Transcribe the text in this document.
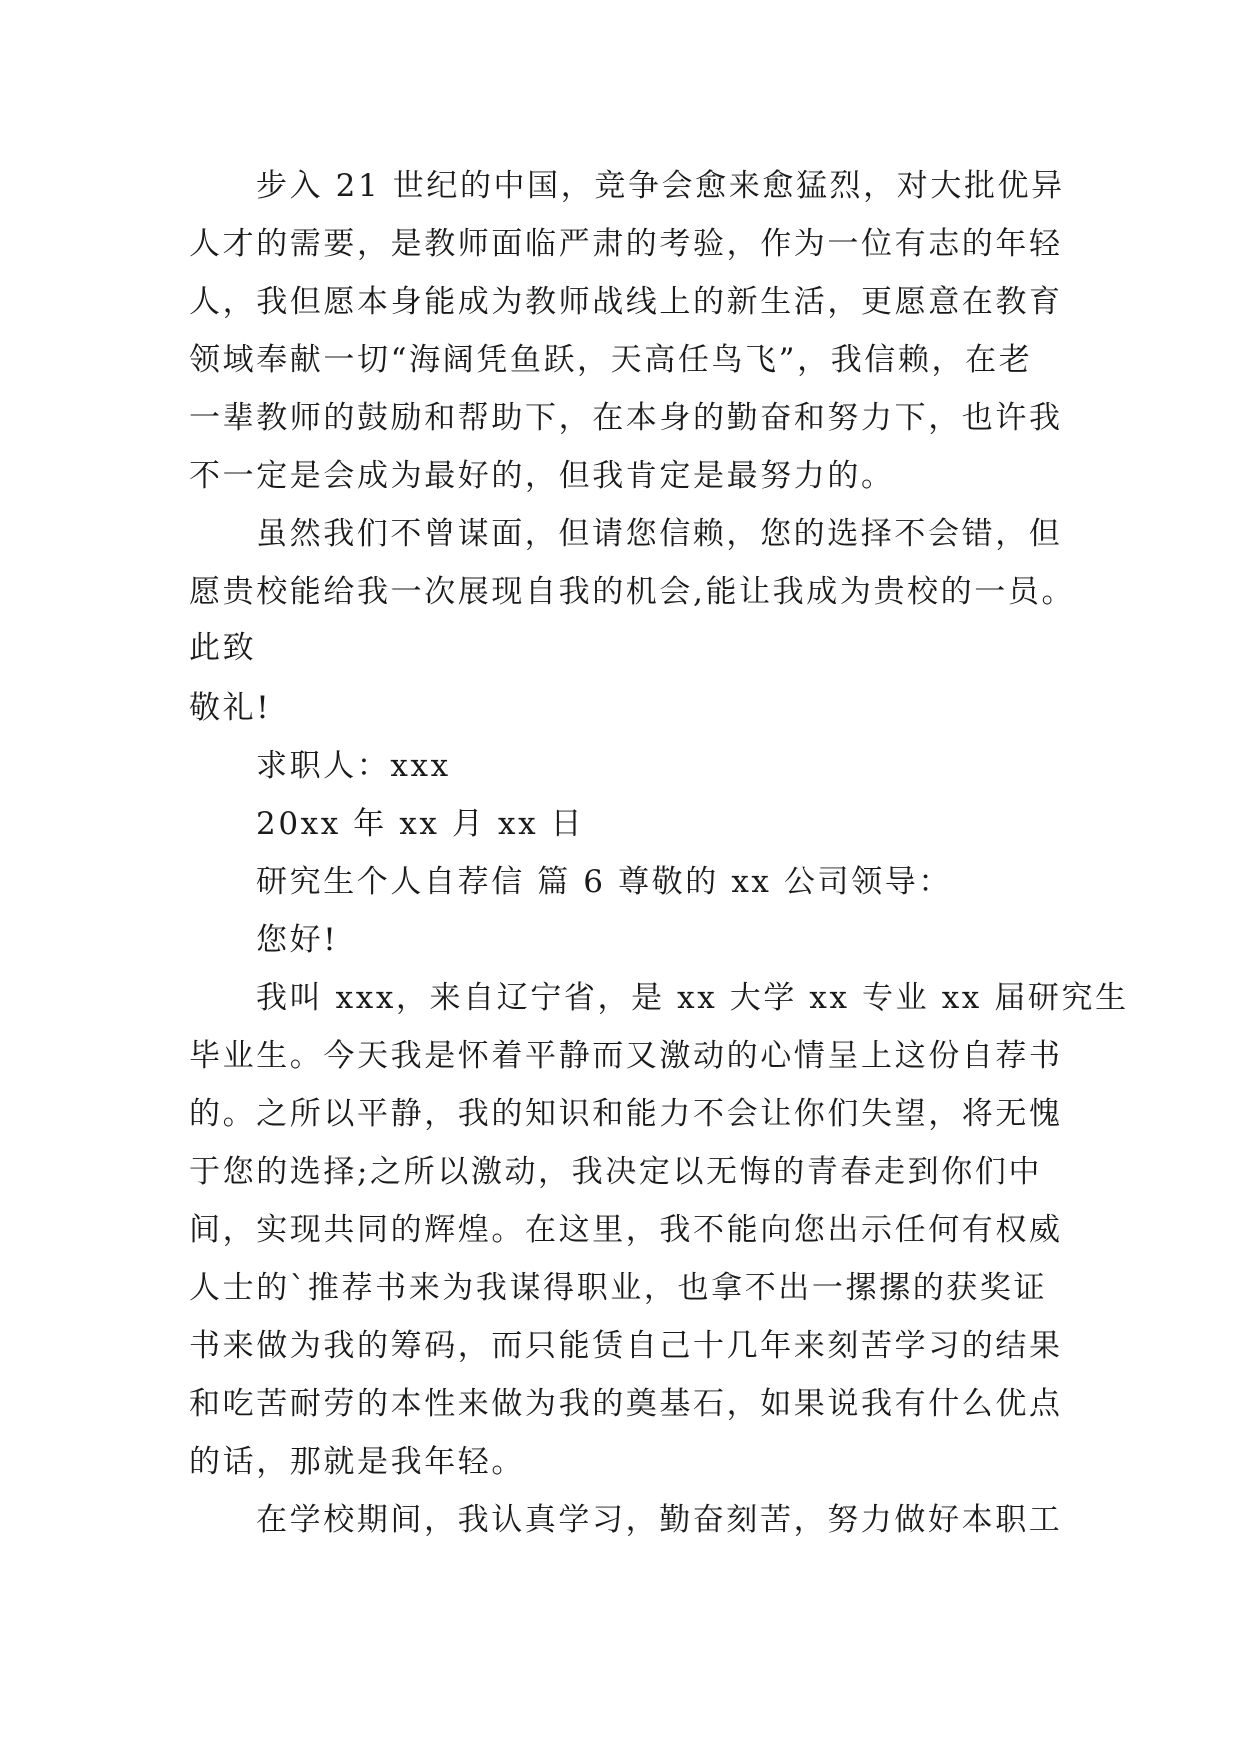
步入 21 世纪的中国，竞争会愈来愈猛烈，对大批优异
人才的需要，是教师面临严肃的考验，作为一位有志的年轻
人，我但愿本身能成为教师战线上的新生活，更愿意在教育
领域奉献一切“海阔凭鱼跃，天高任鸟飞”，我信赖，在老
一辈教师的鼓励和帮助下，在本身的勤奋和努力下，也许我
不一定是会成为最好的，但我肯定是最努力的。
虽然我们不曾谋面，但请您信赖，您的选择不会错，但
愿贵校能给我一次展现自我的机会,能让我成为贵校的一员。
此致
敬礼!
求职人：xxx
20xx 年 xx 月 xx 日
研究生个人自荐信 篇 6 尊敬的 xx 公司领导：
您好!
我叫 xxx，来自辽宁省，是 xx 大学 xx 专业 xx 届研究生
毕业生。今天我是怀着平静而又激动的心情呈上这份自荐书
的。之所以平静，我的知识和能力不会让你们失望，将无愧
于您的选择;之所以激动，我决定以无悔的青春走到你们中
间，实现共同的辉煌。在这里，我不能向您出示任何有权威
人士的`推荐书来为我谋得职业，也拿不出一摞摞的获奖证
书来做为我的筹码，而只能赁自己十几年来刻苦学习的结果
和吃苦耐劳的本性来做为我的奠基石，如果说我有什么优点
的话，那就是我年轻。
在学校期间，我认真学习，勤奋刻苦，努力做好本职工
